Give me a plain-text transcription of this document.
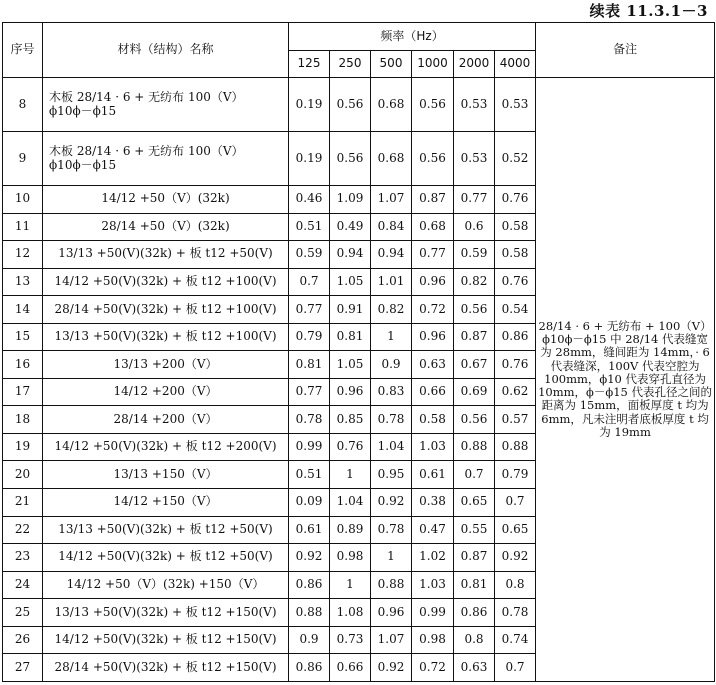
续表 11.3.1－3
序号	材料（结构）名称	频率（Hz）						备注
		125	250	500	1000	2000	4000	
8	木板 28/14 · 6 + 无纺布 100（V）
ϕ10ϕ－ϕ15	0.19	0.56	0.68	0.56	0.53	0.53	28/14 · 6 + 无纺布 + 100（V）ϕ10ϕ－ϕ15 中 28/14 代表缝宽为 28mm，缝间距为 14mm，· 6 代表缝深，100V 代表空腔为 100mm，ϕ10 代表穿孔直径为 10mm，ϕ－ϕ15 代表孔径之间的距离为 15mm，面板厚度 t 均为 6mm，凡未注明者底板厚度 t 均为 19mm
9	木板 28/14 · 6 + 无纺布 100（V）
ϕ10ϕ－ϕ15	0.19	0.56	0.68	0.56	0.53	0.52	
10	14/12 +50（V）(32k)	0.46	1.09	1.07	0.87	0.77	0.76	
11	28/14 +50（V）(32k)	0.51	0.49	0.84	0.68	0.6	0.58	
12	13/13 +50(V)(32k) + 板 t12 +50(V)	0.59	0.94	0.94	0.77	0.59	0.58	
13	14/12 +50(V)(32k) + 板 t12 +100(V)	0.7	1.05	1.01	0.96	0.82	0.76	
14	28/14 +50(V)(32k) + 板 t12 +100(V)	0.77	0.91	0.82	0.72	0.56	0.54	
15	13/13 +50(V)(32k) + 板 t12 +100(V)	0.79	0.81	1	0.96	0.87	0.86	
16	13/13 +200（V）	0.81	1.05	0.9	0.63	0.67	0.76	
17	14/12 +200（V）	0.77	0.96	0.83	0.66	0.69	0.62	
18	28/14 +200（V）	0.78	0.85	0.78	0.58	0.56	0.57	
19	14/12 +50(V)(32k) + 板 t12 +200(V)	0.99	0.76	1.04	1.03	0.88	0.88	
20	13/13 +150（V）	0.51	1	0.95	0.61	0.7	0.79	
21	14/12 +150（V）	0.09	1.04	0.92	0.38	0.65	0.7	
22	13/13 +50(V)(32k) + 板 t12 +50(V)	0.61	0.89	0.78	0.47	0.55	0.65	
23	14/12 +50(V)(32k) + 板 t12 +50(V)	0.92	0.98	1	1.02	0.87	0.92	
24	14/12 +50（V）(32k) +150（V）	0.86	1	0.88	1.03	0.81	0.8	
25	13/13 +50(V)(32k) + 板 t12 +150(V)	0.88	1.08	0.96	0.99	0.86	0.78	
26	14/12 +50(V)(32k) + 板 t12 +150(V)	0.9	0.73	1.07	0.98	0.8	0.74	
27	28/14 +50(V)(32k) + 板 t12 +150(V)	0.86	0.66	0.92	0.72	0.63	0.7	
